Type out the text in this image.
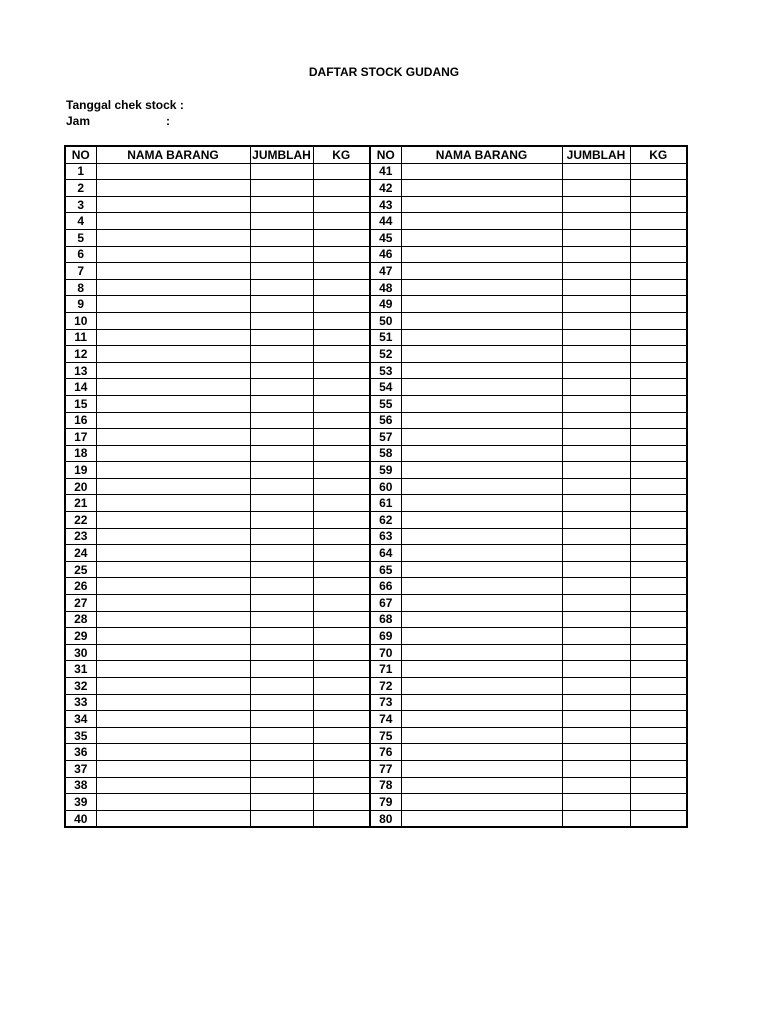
DAFTAR STOCK GUDANG
Tanggal chek stock :
Jam	:
NO	NAMA BARANG	JUMBLAH	KG	NO	NAMA BARANG	JUMBLAH	KG
1				41			
2				42			
3				43			
4				44			
5				45			
6				46			
7				47			
8				48			
9				49			
10				50			
11				51			
12				52			
13				53			
14				54			
15				55			
16				56			
17				57			
18				58			
19				59			
20				60			
21				61			
22				62			
23				63			
24				64			
25				65			
26				66			
27				67			
28				68			
29				69			
30				70			
31				71			
32				72			
33				73			
34				74			
35				75			
36				76			
37				77			
38				78			
39				79			
40				80			
